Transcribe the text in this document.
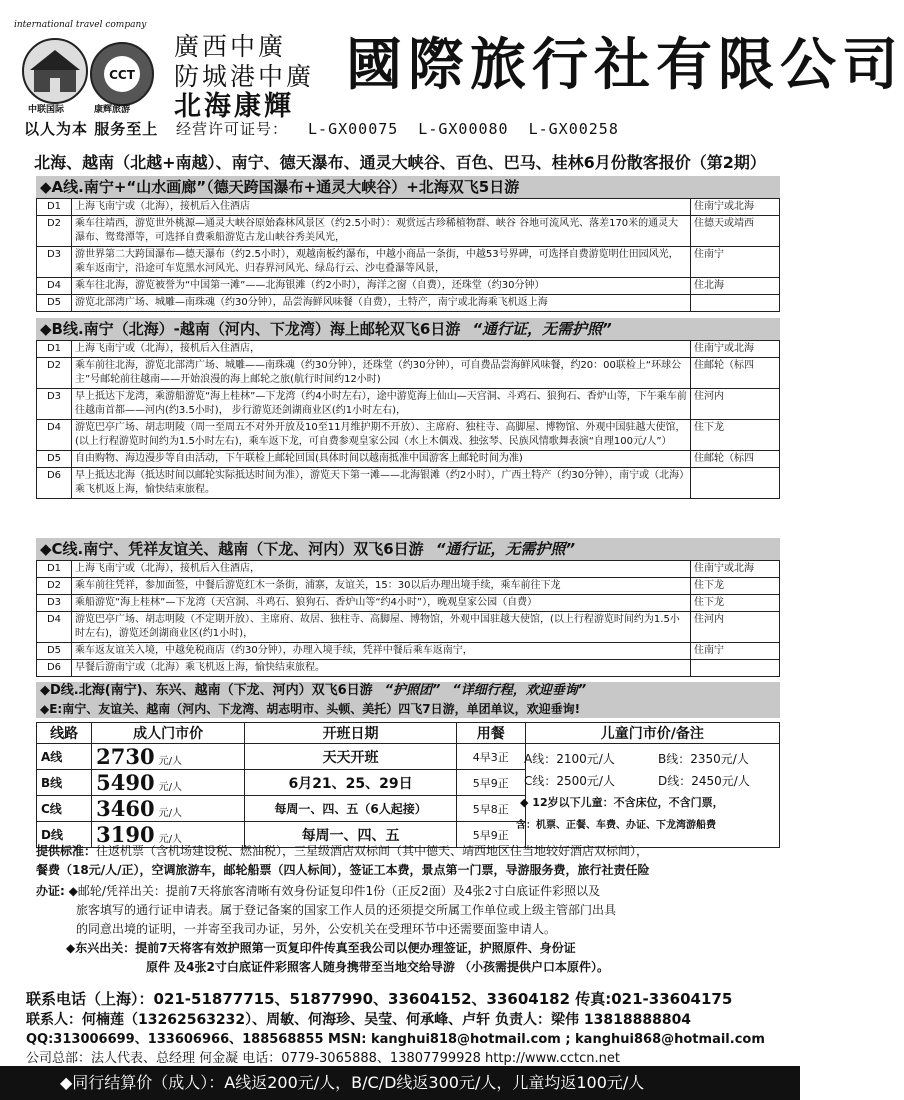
international travel company
CCT
中联国际	康辉旅游
以人为本 服务至上
廣西中廣
防城港中廣
北海康輝
國際旅行社有限公司
经营许可证号： L-GX00075 L-GX00080 L-GX00258
北海、越南（北越+南越）、南宁、德天瀑布、通灵大峡谷、百色、巴马、桂林6月份散客报价（第2期）
◆A线.南宁+“山水画廊”（德天跨国瀑布+通灵大峡谷）+北海双飞5日游
D1	上海飞南宁或（北海），接机后入住酒店	住南宁或北海
D2	乘车往靖西，游览世外桃源—通灵大峡谷原始森林风景区（约2.5小时）：观赏远古珍稀植物群、峡谷 谷地可流风光、落差170米的通灵大瀑布、鸳鸯潭等，可选择自费乘船游览古龙山峡谷秀美风光，	住德天或靖西
D3	游世界第二大跨国瀑布—德天瀑布（约2.5小时），观越南板约瀑布，中越小商品一条街，中越53号界碑，可选择自费游览明仕田园风光，乘车返南宁，沿途可车览黑水河风光、归春界河风光、绿岛行云、沙屯叠瀑等风景，	住南宁
D4	乘车往北海，游览被誉为“中国第一滩”——北海银滩（约2小时），海洋之窗（自费），还珠堂（约30分钟）	住北海
D5	游览北部湾广场、城雕—南珠魂（约30分钟），品尝海鲜风味餐（自费），土特产，南宁或北海乘飞机返上海	
◆B线.南宁（北海）-越南（河内、下龙湾）海上邮轮双飞6日游 “通行证，无需护照”
D1	上海飞南宁或（北海），接机后入住酒店，	住南宁或北海
D2	乘车前往北海，游览北部湾广场、城雕——南珠魂（约30分钟），还珠堂（约30分钟），可自费品尝海鲜风味餐，约20：00联检上“环球公主”号邮轮前往越南——开始浪漫的海上邮轮之旅(航行时间约12小时)	住邮轮（标四
D3	早上抵达下龙湾，乘游船游览“海上桂林”—下龙湾（约4小时左右），途中游览海上仙山—天宫洞、斗鸡石、狼狗石、香炉山等，下午乘车前往越南首都——河内(约3.5小时)， 步行游览还剑湖商业区(约1小时左右)，	住河内
D4	游览巴亭广场、胡志明陵（周一至周五不对外开放及10至11月维护期不开放）、主席府、独柱寺、高脚屋、博物馆、外观中国驻越大使馆，(以上行程游览时间约为1.5小时左右)，乘车返下龙，可自费参观皇家公园（水上木偶戏、独弦琴、民族风情歌舞表演“自理100元/人”）	住下龙
D5	自由购物、海边漫步等自由活动，下午联检上邮轮回国(具体时间以越南抵准中国游客上邮轮时间为准)	住邮轮（标四
D6	早上抵达北海（抵达时间以邮轮实际抵达时间为准），游览天下第一滩——北海银滩（约2小时），广西土特产（约30分钟），南宁或（北海）乘飞机返上海，愉快结束旅程。	
◆C线.南宁、凭祥友谊关、越南（下龙、河内）双飞6日游 “通行证，无需护照”
D1	上海飞南宁或（北海），接机后入住酒店，	住南宁或北海
D2	乘车前往凭祥，参加面签，中餐后游览红木一条街，浦寨，友谊关，15：30以后办理出境手续，乘车前往下龙	住下龙
D3	乘船游览“海上桂林”—下龙湾（天宫洞、斗鸡石、狼狗石、香炉山等“约4小时”），晚观皇家公园（自费）	住下龙
D4	游览巴亭广场、胡志明陵（不定期开放）、主席府、故居、独柱寺、高脚屋、博物馆，外观中国驻越大使馆，(以上行程游览时间约为1.5小时左右)，游览还剑湖商业区(约1小时)，	住河内
D5	乘车返友谊关入境，中越免税商店（约30分钟），办理入境手续，凭祥中餐后乘车返南宁，	住南宁
D6	早餐后游南宁或（北海）乘飞机返上海，愉快结束旅程。	
◆D线.北海(南宁)、东兴、越南（下龙、河内）双飞6日游 “护照团” “详细行程，欢迎垂询”
◆E:南宁、友谊关、越南（河内、下龙湾、胡志明市、头顿、美托）四飞7日游，单团单议，欢迎垂询!
线路	成人门市价	开班日期	用餐	儿童门市价/备注
A线	2730 元/人	天天开班	4早3正	
B线	5490 元/人	6月21、25、29日	5早9正	
C线	3460 元/人	每周一、四、五（6人起接）	5早8正	
D线	3190 元/人	每周一、四、五	5早9正	
A线：2100元/人	B线：2350元/人
C线：2500元/人	D线：2450元/人
◆ 12岁以下儿童：不含床位，不含门票，
含：机票、正餐、车费、办证、下龙湾游船费
提供标准：往返机票（含机场建设税、燃油税），三星级酒店双标间（其中德天、靖西地区住当地较好酒店双标间），
餐费（18元/人/正），空调旅游车，邮轮船票（四人标间），签证工本费，景点第一门票，导游服务费，旅行社责任险
办证: ◆邮轮/凭祥出关：提前7天将旅客清晰有效身份证复印件1份（正反2面）及4张2寸白底证件彩照以及
旅客填写的通行证申请表。属于登记备案的国家工作人员的还须提交所属工作单位或上级主管部门出具
的同意出境的证明，一并寄至我司办证，另外，公安机关在受理环节中还需要面鉴申请人。
◆东兴出关：提前7天将客有效护照第一页复印件传真至我公司以便办理签证，护照原件、身份证
原件 及4张2寸白底证件彩照客人随身携带至当地交给导游 （小孩需提供户口本原件）。
联系电话（上海）：021-51877715、51877990、33604152、33604182 传真:021-33604175
联系人：何楠莲（13262563232）、周敏、何海珍、吴莹、何承峰、卢轩 负责人：梁伟 13818888804
QQ:313006699、133606966、188568855 MSN: kanghui818@hotmail.com ; kanghui868@hotmail.com
公司总部：法人代表、总经理 何金凝 电话：0779-3065888、13807799928 http://www.cctcn.net
◆同行结算价（成人）：A线返200元/人，B/C/D线返300元/人，儿童均返100元/人
